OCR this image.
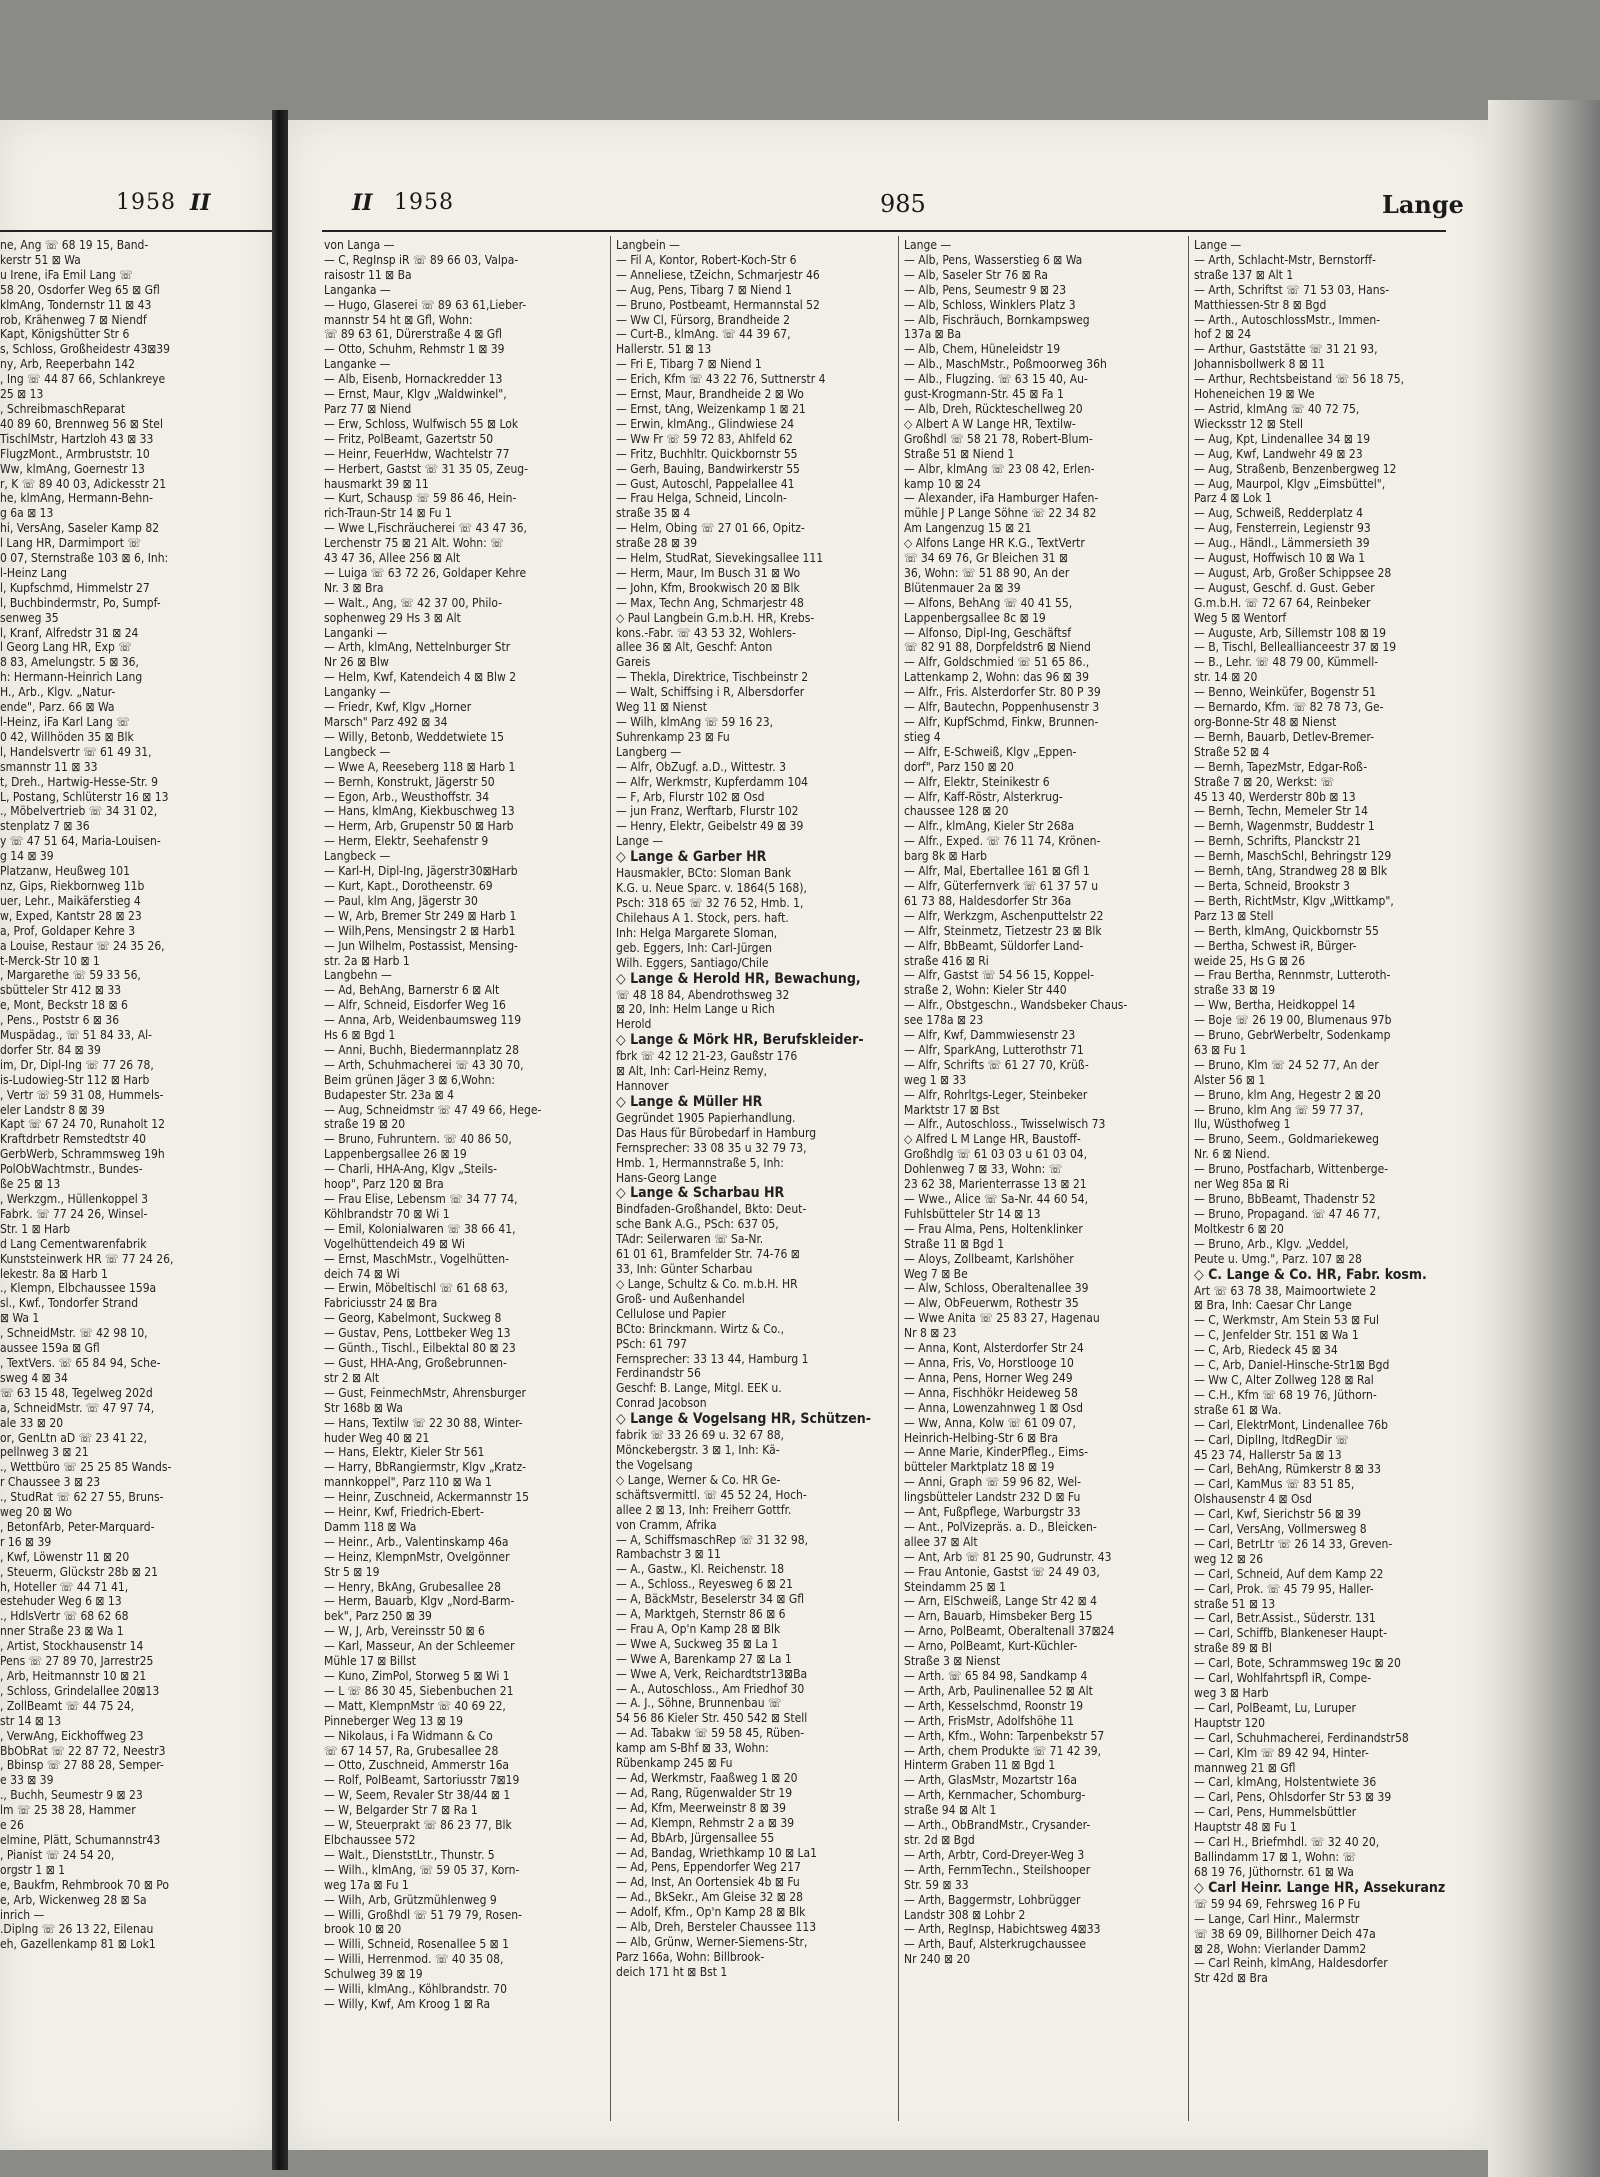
1958 II	II 1958	985	Lange
ne, Ang ☏ 68 19 15, Band-
kerstr 51 ⊠ Wa
u Irene, iFa Emil Lang ☏
58 20, Osdorfer Weg 65 ⊠ Gfl
klmAng, Tondernstr 11 ⊠ 43
rob, Krähenweg 7 ⊠ Niendf
Kapt, Königshütter Str 6
s, Schloss, Großheidestr 43⊠39
ny, Arb, Reeperbahn 142
, Ing ☏ 44 87 66, Schlankreye
25 ⊠ 13
, SchreibmaschReparat
40 89 60, Brennweg 56 ⊠ Stel
TischlMstr, Hartzloh 43 ⊠ 33
FlugzMont., Armbruststr. 10
Ww, klmAng, Goernestr 13
r, K ☏ 89 40 03, Adickesstr 21
he, klmAng, Hermann-Behn-
g 6a ⊠ 13
hi, VersAng, Saseler Kamp 82
l Lang HR, Darmimport ☏
0 07, Sternstraße 103 ⊠ 6, Inh:
l-Heinz Lang
l, Kupfschmd, Himmelstr 27
l, Buchbindermstr, Po, Sumpf-
senweg 35
l, Kranf, Alfredstr 31 ⊠ 24
l Georg Lang HR, Exp ☏
8 83, Amelungstr. 5 ⊠ 36,
h: Hermann-Heinrich Lang
H., Arb., Klgv. „Natur-
ende", Parz. 66 ⊠ Wa
l-Heinz, iFa Karl Lang ☏
0 42, Willhöden 35 ⊠ Blk
l, Handelsvertr ☏ 61 49 31,
smannstr 11 ⊠ 33
t, Dreh., Hartwig-Hesse-Str. 9
L, Postang, Schlüterstr 16 ⊠ 13
., Möbelvertrieb ☏ 34 31 02,
stenplatz 7 ⊠ 36
y ☏ 47 51 64, Maria-Louisen-
g 14 ⊠ 39
Platzanw, Heußweg 101
nz, Gips, Riekbornweg 11b
uer, Lehr., Maikäferstieg 4
w, Exped, Kantstr 28 ⊠ 23
a, Prof, Goldaper Kehre 3
a Louise, Restaur ☏ 24 35 26,
t-Merck-Str 10 ⊠ 1
, Margarethe ☏ 59 33 56,
sbütteler Str 412 ⊠ 33
e, Mont, Beckstr 18 ⊠ 6
, Pens., Poststr 6 ⊠ 36
Muspädag., ☏ 51 84 33, Al-
dorfer Str. 84 ⊠ 39
im, Dr, Dipl-Ing ☏ 77 26 78,
is-Ludowieg-Str 112 ⊠ Harb
, Vertr ☏ 59 31 08, Hummels-
eler Landstr 8 ⊠ 39
Kapt ☏ 67 24 70, Runaholt 12
Kraftdrbetr Remstedtstr 40
GerbWerb, Schrammsweg 19h
PolObWachtmstr., Bundes-
ße 25 ⊠ 13
, Werkzgm., Hüllenkoppel 3
Fabrk. ☏ 77 24 26, Winsel-
Str. 1 ⊠ Harb
d Lang Cementwarenfabrik
Kunststeinwerk HR ☏ 77 24 26,
lekestr. 8a ⊠ Harb 1
., Klempn, Elbchaussee 159a
sl., Kwf., Tondorfer Strand
⊠ Wa 1
, SchneidMstr. ☏ 42 98 10,
aussee 159a ⊠ Gfl
, TextVers. ☏ 65 84 94, Sche-
sweg 4 ⊠ 34
☏ 63 15 48, Tegelweg 202d
a, SchneidMstr. ☏ 47 97 74,
ale 33 ⊠ 20
or, GenLtn aD ☏ 23 41 22,
pellnweg 3 ⊠ 21
., Wettbüro ☏ 25 25 85 Wands-
r Chaussee 3 ⊠ 23
., StudRat ☏ 62 27 55, Bruns-
weg 20 ⊠ Wo
, BetonfArb, Peter-Marquard-
r 16 ⊠ 39
, Kwf, Löwenstr 11 ⊠ 20
, Steuerm, Glückstr 28b ⊠ 21
h, Hoteller ☏ 44 71 41,
estehuder Weg 6 ⊠ 13
., HdlsVertr ☏ 68 62 68
nner Straße 23 ⊠ Wa 1
, Artist, Stockhausenstr 14
Pens ☏ 27 89 70, Jarrestr25
, Arb, Heitmannstr 10 ⊠ 21
, Schloss, Grindelallee 20⊠13
, ZollBeamt ☏ 44 75 24,
str 14 ⊠ 13
, VerwAng, Eickhoffweg 23
BbObRat ☏ 22 87 72, Neestr3
, Bbinsp ☏ 27 88 28, Semper-
e 33 ⊠ 39
., Buchh, Seumestr 9 ⊠ 23
lm ☏ 25 38 28, Hammer
e 26
elmine, Plätt, Schumannstr43
, Pianist ☏ 24 54 20,
orgstr 1 ⊠ 1
e, Baukfm, Rehmbrook 70 ⊠ Po
e, Arb, Wickenweg 28 ⊠ Sa
inrich —
.Diplng ☏ 26 13 22, Eilenau
eh, Gazellenkamp 81 ⊠ Lok1
von Langa —
— C, RegInsp iR ☏ 89 66 03, Valpa-
raisostr 11 ⊠ Ba
Langanka —
— Hugo, Glaserei ☏ 89 63 61,Lieber-
mannstr 54 ht ⊠ Gfl, Wohn:
☏ 89 63 61, Dürerstraße 4 ⊠ Gfl
— Otto, Schuhm, Rehmstr 1 ⊠ 39
Langanke —
— Alb, Eisenb, Hornackredder 13
— Ernst, Maur, Klgv „Waldwinkel",
Parz 77 ⊠ Niend
— Erw, Schloss, Wulfwisch 55 ⊠ Lok
— Fritz, PolBeamt, Gazertstr 50
— Heinr, FeuerHdw, Wachtelstr 77
— Herbert, Gastst ☏ 31 35 05, Zeug-
hausmarkt 39 ⊠ 11
— Kurt, Schausp ☏ 59 86 46, Hein-
rich-Traun-Str 14 ⊠ Fu 1
— Wwe L,Fischräucherei ☏ 43 47 36,
Lerchenstr 75 ⊠ 21 Alt. Wohn: ☏
43 47 36, Allee 256 ⊠ Alt
— Luiga ☏ 63 72 26, Goldaper Kehre
Nr. 3 ⊠ Bra
— Walt., Ang, ☏ 42 37 00, Philo-
sophenweg 29 Hs 3 ⊠ Alt
Langanki —
— Arth, klmAng, Nettelnburger Str
Nr 26 ⊠ Blw
— Helm, Kwf, Katendeich 4 ⊠ Blw 2
Langanky —
— Friedr, Kwf, Klgv „Horner
Marsch" Parz 492 ⊠ 34
— Willy, Betonb, Weddetwiete 15
Langbeck —
— Wwe A, Reeseberg 118 ⊠ Harb 1
— Bernh, Konstrukt, Jägerstr 50
— Egon, Arb., Weusthoffstr. 34
— Hans, klmAng, Kiekbuschweg 13
— Herm, Arb, Grupenstr 50 ⊠ Harb
— Herm, Elektr, Seehafenstr 9
Langbeck —
— Karl-H, Dipl-Ing, Jägerstr30⊠Harb
— Kurt, Kapt., Dorotheenstr. 69
— Paul, klm Ang, Jägerstr 30
— W, Arb, Bremer Str 249 ⊠ Harb 1
— Wilh,Pens, Mensingstr 2 ⊠ Harb1
— Jun Wilhelm, Postassist, Mensing-
str. 2a ⊠ Harb 1
Langbehn —
— Ad, BehAng, Barnerstr 6 ⊠ Alt
— Alfr, Schneid, Eisdorfer Weg 16
— Anna, Arb, Weidenbaumsweg 119
Hs 6 ⊠ Bgd 1
— Anni, Buchh, Biedermannplatz 28
— Arth, Schuhmacherei ☏ 43 30 70,
Beim grünen Jäger 3 ⊠ 6,Wohn:
Budapester Str. 23a ⊠ 4
— Aug, Schneidmstr ☏ 47 49 66, Hege-
straße 19 ⊠ 20
— Bruno, Fuhruntern. ☏ 40 86 50,
Lappenbergsallee 26 ⊠ 19
— Charli, HHA-Ang, Klgv „Steils-
hoop", Parz 120 ⊠ Bra
— Frau Elise, Lebensm ☏ 34 77 74,
Köhlbrandstr 70 ⊠ Wi 1
— Emil, Kolonialwaren ☏ 38 66 41,
Vogelhüttendeich 49 ⊠ Wi
— Ernst, MaschMstr., Vogelhütten-
deich 74 ⊠ Wi
— Erwin, Möbeltischl ☏ 61 68 63,
Fabriciusstr 24 ⊠ Bra
— Georg, Kabelmont, Suckweg 8
— Gustav, Pens, Lottbeker Weg 13
— Günth., Tischl., Eilbektal 80 ⊠ 23
— Gust, HHA-Ang, Großebrunnen-
str 2 ⊠ Alt
— Gust, FeinmechMstr, Ahrensburger
Str 168b ⊠ Wa
— Hans, Textilw ☏ 22 30 88, Winter-
huder Weg 40 ⊠ 21
— Hans, Elektr, Kieler Str 561
— Harry, BbRangiermstr, Klgv „Kratz-
mannkoppel", Parz 110 ⊠ Wa 1
— Heinr, Zuschneid, Ackermannstr 15
— Heinr, Kwf, Friedrich-Ebert-
Damm 118 ⊠ Wa
— Heinr., Arb., Valentinskamp 46a
— Heinz, KlempnMstr, Ovelgönner
Str 5 ⊠ 19
— Henry, BkAng, Grubesallee 28
— Herm, Bauarb, Klgv „Nord-Barm-
bek", Parz 250 ⊠ 39
— W, J, Arb, Vereinsstr 50 ⊠ 6
— Karl, Masseur, An der Schleemer
Mühle 17 ⊠ Billst
— Kuno, ZimPol, Storweg 5 ⊠ Wi 1
— L ☏ 86 30 45, Siebenbuchen 21
— Matt, KlempnMstr ☏ 40 69 22,
Pinneberger Weg 13 ⊠ 19
— Nikolaus, i Fa Widmann & Co
☏ 67 14 57, Ra, Grubesallee 28
— Otto, Zuschneid, Ammerstr 16a
— Rolf, PolBeamt, Sartoriusstr 7⊠19
— W, Seem, Revaler Str 38/44 ⊠ 1
— W, Belgarder Str 7 ⊠ Ra 1
— W, Steuerprakt ☏ 86 23 77, Blk
Elbchaussee 572
— Walt., DienststLtr., Thunstr. 5
— Wilh., klmAng, ☏ 59 05 37, Korn-
weg 17a ⊠ Fu 1
— Wilh, Arb, Grützmühlenweg 9
— Willi, Großhdl ☏ 51 79 79, Rosen-
brook 10 ⊠ 20
— Willi, Schneid, Rosenallee 5 ⊠ 1
— Willi, Herrenmod. ☏ 40 35 08,
Schulweg 39 ⊠ 19
— Willi, klmAng., Köhlbrandstr. 70
— Willy, Kwf, Am Kroog 1 ⊠ Ra
Langbein —
— Fil A, Kontor, Robert-Koch-Str 6
— Anneliese, tZeichn, Schmarjestr 46
— Aug, Pens, Tibarg 7 ⊠ Niend 1
— Bruno, Postbeamt, Hermannstal 52
— Ww Cl, Fürsorg, Brandheide 2
— Curt-B., klmAng. ☏ 44 39 67,
Hallerstr. 51 ⊠ 13
— Fri E, Tibarg 7 ⊠ Niend 1
— Erich, Kfm ☏ 43 22 76, Suttnerstr 4
— Ernst, Maur, Brandheide 2 ⊠ Wo
— Ernst, tAng, Weizenkamp 1 ⊠ 21
— Erwin, klmAng., Glindwiese 24
— Ww Fr ☏ 59 72 83, Ahlfeld 62
— Fritz, Buchhltr. Quickbornstr 55
— Gerh, Bauing, Bandwirkerstr 55
— Gust, Autoschl, Pappelallee 41
— Frau Helga, Schneid, Lincoln-
straße 35 ⊠ 4
— Helm, Obing ☏ 27 01 66, Opitz-
straße 28 ⊠ 39
— Helm, StudRat, Sievekingsallee 111
— Herm, Maur, Im Busch 31 ⊠ Wo
— John, Kfm, Brookwisch 20 ⊠ Blk
— Max, Techn Ang, Schmarjestr 48
◇ Paul Langbein G.m.b.H. HR, Krebs-
kons.-Fabr. ☏ 43 53 32, Wohlers-
allee 36 ⊠ Alt, Geschf: Anton
Gareis
— Thekla, Direktrice, Tischbeinstr 2
— Walt, Schiffsing i R, Albersdorfer
Weg 11 ⊠ Nienst
— Wilh, klmAng ☏ 59 16 23,
Suhrenkamp 23 ⊠ Fu
Langberg —
— Alfr, ObZugf. a.D., Wittestr. 3
— Alfr, Werkmstr, Kupferdamm 104
— F, Arb, Flurstr 102 ⊠ Osd
— jun Franz, Werftarb, Flurstr 102
— Henry, Elektr, Geibelstr 49 ⊠ 39
Lange —
◇ Lange & Garber HR
Hausmakler, BCto: Sloman Bank
K.G. u. Neue Sparc. v. 1864(5 168),
Psch: 318 65 ☏ 32 76 52, Hmb. 1,
Chilehaus A 1. Stock, pers. haft.
Inh: Helga Margarete Sloman,
geb. Eggers, Inh: Carl-Jürgen
Wilh. Eggers, Santiago/Chile
◇ Lange & Herold HR, Bewachung,
☏ 48 18 84, Abendrothsweg 32
⊠ 20, Inh: Helm Lange u Rich
Herold
◇ Lange & Mörk HR, Berufskleider-
fbrk ☏ 42 12 21-23, Gaußstr 176
⊠ Alt, Inh: Carl-Heinz Remy,
Hannover
◇ Lange & Müller HR
Gegründet 1905 Papierhandlung.
Das Haus für Bürobedarf in Hamburg
Fernsprecher: 33 08 35 u 32 79 73,
Hmb. 1, Hermannstraße 5, Inh:
Hans-Georg Lange
◇ Lange & Scharbau HR
Bindfaden-Großhandel, Bkto: Deut-
sche Bank A.G., PSch: 637 05,
TAdr: Seilerwaren ☏ Sa-Nr.
61 01 61, Bramfelder Str. 74-76 ⊠
33, Inh: Günter Scharbau
◇ Lange, Schultz & Co. m.b.H. HR
Groß- und Außenhandel
Cellulose und Papier
BCto: Brinckmann. Wirtz & Co.,
PSch: 61 797
Fernsprecher: 33 13 44, Hamburg 1
Ferdinandstr 56
Geschf: B. Lange, Mitgl. EEK u.
Conrad Jacobson
◇ Lange & Vogelsang HR, Schützen-
fabrik ☏ 33 26 69 u. 32 67 88,
Mönckebergstr. 3 ⊠ 1, Inh: Kä-
the Vogelsang
◇ Lange, Werner & Co. HR Ge-
schäftsvermittl. ☏ 45 52 24, Hoch-
allee 2 ⊠ 13, Inh: Freiherr Gottfr.
von Cramm, Afrika
— A, SchiffsmaschRep ☏ 31 32 98,
Rambachstr 3 ⊠ 11
— A., Gastw., Kl. Reichenstr. 18
— A., Schloss., Reyesweg 6 ⊠ 21
— A, BäckMstr, Beselerstr 34 ⊠ Gfl
— A, Marktgeh, Sternstr 86 ⊠ 6
— Frau A, Op'n Kamp 28 ⊠ Blk
— Wwe A, Suckweg 35 ⊠ La 1
— Wwe A, Barenkamp 27 ⊠ La 1
— Wwe A, Verk, Reichardtstr13⊠Ba
— A., Autoschloss., Am Friedhof 30
— A. J., Söhne, Brunnenbau ☏
54 56 86 Kieler Str. 450 542 ⊠ Stell
— Ad. Tabakw ☏ 59 58 45, Rüben-
kamp am S-Bhf ⊠ 33, Wohn:
Rübenkamp 245 ⊠ Fu
— Ad, Werkmstr, Faaßweg 1 ⊠ 20
— Ad, Rang, Rügenwalder Str 19
— Ad, Kfm, Meerweinstr 8 ⊠ 39
— Ad, Klempn, Rehmstr 2 a ⊠ 39
— Ad, BbArb, Jürgensallee 55
— Ad, Bandag, Wriethkamp 10 ⊠ La1
— Ad, Pens, Eppendorfer Weg 217
— Ad, Inst, An Oortensiek 4b ⊠ Fu
— Ad., BkSekr., Am Gleise 32 ⊠ 28
— Adolf, Kfm., Op'n Kamp 28 ⊠ Blk
— Alb, Dreh, Bersteler Chaussee 113
— Alb, Grünw, Werner-Siemens-Str,
Parz 166a, Wohn: Billbrook-
deich 171 ht ⊠ Bst 1
Lange —
— Alb, Pens, Wasserstieg 6 ⊠ Wa
— Alb, Saseler Str 76 ⊠ Ra
— Alb, Pens, Seumestr 9 ⊠ 23
— Alb, Schloss, Winklers Platz 3
— Alb, Fischräuch, Bornkampsweg
137a ⊠ Ba
— Alb, Chem, Hüneleidstr 19
— Alb., MaschMstr., Poßmoorweg 36h
— Alb., Flugzing. ☏ 63 15 40, Au-
gust-Krogmann-Str. 45 ⊠ Fa 1
— Alb, Dreh, Rückteschellweg 20
◇ Albert A W Lange HR, Textilw-
Großhdl ☏ 58 21 78, Robert-Blum-
Straße 51 ⊠ Niend 1
— Albr, klmAng ☏ 23 08 42, Erlen-
kamp 10 ⊠ 24
— Alexander, iFa Hamburger Hafen-
mühle J P Lange Söhne ☏ 22 34 82
Am Langenzug 15 ⊠ 21
◇ Alfons Lange HR K.G., TextVertr
☏ 34 69 76, Gr Bleichen 31 ⊠
36, Wohn: ☏ 51 88 90, An der
Blütenmauer 2a ⊠ 39
— Alfons, BehAng ☏ 40 41 55,
Lappenbergsallee 8c ⊠ 19
— Alfonso, Dipl-Ing, Geschäftsf
☏ 82 91 88, Dorpfeldstr6 ⊠ Niend
— Alfr, Goldschmied ☏ 51 65 86.,
Lattenkamp 2, Wohn: das 96 ⊠ 39
— Alfr., Fris. Alsterdorfer Str. 80 P 39
— Alfr, Bautechn, Poppenhusenstr 3
— Alfr, KupfSchmd, Finkw, Brunnen-
stieg 4
— Alfr, E-Schweiß, Klgv „Eppen-
dorf", Parz 150 ⊠ 20
— Alfr, Elektr, Steinikestr 6
— Alfr, Kaff-Röstr, Alsterkrug-
chaussee 128 ⊠ 20
— Alfr., klmAng, Kieler Str 268a
— Alfr., Exped. ☏ 76 11 74, Krönen-
barg 8k ⊠ Harb
— Alfr, Mal, Ebertallee 161 ⊠ Gfl 1
— Alfr, Güterfernverk ☏ 61 37 57 u
61 73 88, Haldesdorfer Str 36a
— Alfr, Werkzgm, Aschenputtelstr 22
— Alfr, Steinmetz, Tietzestr 23 ⊠ Blk
— Alfr, BbBeamt, Süldorfer Land-
straße 416 ⊠ Ri
— Alfr, Gastst ☏ 54 56 15, Koppel-
straße 2, Wohn: Kieler Str 440
— Alfr., Obstgeschn., Wandsbeker Chaus-
see 178a ⊠ 23
— Alfr, Kwf, Dammwiesenstr 23
— Alfr, SparkAng, Lutterothstr 71
— Alfr, Schrifts ☏ 61 27 70, Krüß-
weg 1 ⊠ 33
— Alfr, Rohrltgs-Leger, Steinbeker
Marktstr 17 ⊠ Bst
— Alfr., Autoschloss., Twisselwisch 73
◇ Alfred L M Lange HR, Baustoff-
Großhdlg ☏ 61 03 03 u 61 03 04,
Dohlenweg 7 ⊠ 33, Wohn: ☏
23 62 38, Marienterrasse 13 ⊠ 21
— Wwe., Alice ☏ Sa-Nr. 44 60 54,
Fuhlsbütteler Str 14 ⊠ 13
— Frau Alma, Pens, Holtenklinker
Straße 11 ⊠ Bgd 1
— Aloys, Zollbeamt, Karlshöher
Weg 7 ⊠ Be
— Alw, Schloss, Oberaltenallee 39
— Alw, ObFeuerwm, Rothestr 35
— Wwe Anita ☏ 25 83 27, Hagenau
Nr 8 ⊠ 23
— Anna, Kont, Alsterdorfer Str 24
— Anna, Fris, Vo, Horstlooge 10
— Anna, Pens, Horner Weg 249
— Anna, Fischhökr Heideweg 58
— Anna, Lowenzahnweg 1 ⊠ Osd
— Ww, Anna, Kolw ☏ 61 09 07,
Heinrich-Helbing-Str 6 ⊠ Bra
— Anne Marie, KinderPfleg., Eims-
bütteler Marktplatz 18 ⊠ 19
— Anni, Graph ☏ 59 96 82, Wel-
lingsbütteler Landstr 232 D ⊠ Fu
— Ant, Fußpflege, Warburgstr 33
— Ant., PolVizepräs. a. D., Bleicken-
allee 37 ⊠ Alt
— Ant, Arb ☏ 81 25 90, Gudrunstr. 43
— Frau Antonie, Gastst ☏ 24 49 03,
Steindamm 25 ⊠ 1
— Arn, ElSchweiß, Lange Str 42 ⊠ 4
— Arn, Bauarb, Himsbeker Berg 15
— Arno, PolBeamt, Oberaltenall 37⊠24
— Arno, PolBeamt, Kurt-Küchler-
Straße 3 ⊠ Nienst
— Arth. ☏ 65 84 98, Sandkamp 4
— Arth, Arb, Paulinenallee 52 ⊠ Alt
— Arth, Kesselschmd, Roonstr 19
— Arth, FrisMstr, Adolfshöhe 11
— Arth, Kfm., Wohn: Tarpenbekstr 57
— Arth, chem Produkte ☏ 71 42 39,
Hinterm Graben 11 ⊠ Bgd 1
— Arth, GlasMstr, Mozartstr 16a
— Arth, Kernmacher, Schomburg-
straße 94 ⊠ Alt 1
— Arth., ObBrandMstr., Crysander-
str. 2d ⊠ Bgd
— Arth, Arbtr, Cord-Dreyer-Weg 3
— Arth, FernmTechn., Steilshooper
Str. 59 ⊠ 33
— Arth, Baggermstr, Lohbrügger
Landstr 308 ⊠ Lohbr 2
— Arth, RegInsp, Habichtsweg 4⊠33
— Arth, Bauf, Alsterkrugchaussee
Nr 240 ⊠ 20
Lange —
— Arth, Schlacht-Mstr, Bernstorff-
straße 137 ⊠ Alt 1
— Arth, Schriftst ☏ 71 53 03, Hans-
Matthiessen-Str 8 ⊠ Bgd
— Arth., AutoschlossMstr., Immen-
hof 2 ⊠ 24
— Arthur, Gaststätte ☏ 31 21 93,
Johannisbollwerk 8 ⊠ 11
— Arthur, Rechtsbeistand ☏ 56 18 75,
Hoheneichen 19 ⊠ We
— Astrid, klmAng ☏ 40 72 75,
Wiecksstr 12 ⊠ Stell
— Aug, Kpt, Lindenallee 34 ⊠ 19
— Aug, Kwf, Landwehr 49 ⊠ 23
— Aug, Straßenb, Benzenbergweg 12
— Aug, Maurpol, Klgv „Eimsbüttel",
Parz 4 ⊠ Lok 1
— Aug, Schweiß, Redderplatz 4
— Aug, Fensterrein, Legienstr 93
— Aug., Händl., Lämmersieth 39
— August, Hoffwisch 10 ⊠ Wa 1
— August, Arb, Großer Schippsee 28
— August, Geschf. d. Gust. Geber
G.m.b.H. ☏ 72 67 64, Reinbeker
Weg 5 ⊠ Wentorf
— Auguste, Arb, Sillemstr 108 ⊠ 19
— B, Tischl, Belleallianceestr 37 ⊠ 19
— B., Lehr. ☏ 48 79 00, Kümmell-
str. 14 ⊠ 20
— Benno, Weinküfer, Bogenstr 51
— Bernardo, Kfm. ☏ 82 78 73, Ge-
org-Bonne-Str 48 ⊠ Nienst
— Bernh, Bauarb, Detlev-Bremer-
Straße 52 ⊠ 4
— Bernh, TapezMstr, Edgar-Roß-
Straße 7 ⊠ 20, Werkst: ☏
45 13 40, Werderstr 80b ⊠ 13
— Bernh, Techn, Memeler Str 14
— Bernh, Wagenmstr, Buddestr 1
— Bernh, Schrifts, Planckstr 21
— Bernh, MaschSchl, Behringstr 129
— Bernh, tAng, Strandweg 28 ⊠ Blk
— Berta, Schneid, Brookstr 3
— Berth, RichtMstr, Klgv „Wittkamp",
Parz 13 ⊠ Stell
— Berth, klmAng, Quickbornstr 55
— Bertha, Schwest iR, Bürger-
weide 25, Hs G ⊠ 26
— Frau Bertha, Rennmstr, Lutteroth-
straße 33 ⊠ 19
— Ww, Bertha, Heidkoppel 14
— Boje ☏ 26 19 00, Blumenaus 97b
— Bruno, GebrWerbeltr, Sodenkamp
63 ⊠ Fu 1
— Bruno, Klm ☏ 24 52 77, An der
Alster 56 ⊠ 1
— Bruno, klm Ang, Hegestr 2 ⊠ 20
— Bruno, klm Ang ☏ 59 77 37,
Ilu, Wüsthofweg 1
— Bruno, Seem., Goldmariekeweg
Nr. 6 ⊠ Niend.
— Bruno, Postfacharb, Wittenberge-
ner Weg 85a ⊠ Ri
— Bruno, BbBeamt, Thadenstr 52
— Bruno, Propagand. ☏ 47 46 77,
Moltkestr 6 ⊠ 20
— Bruno, Arb., Klgv. „Veddel,
Peute u. Umg.", Parz. 107 ⊠ 28
◇ C. Lange & Co. HR, Fabr. kosm.
Art ☏ 63 78 38, Maimoortwiete 2
⊠ Bra, Inh: Caesar Chr Lange
— C, Werkmstr, Am Stein 53 ⊠ Ful
— C, Jenfelder Str. 151 ⊠ Wa 1
— C, Arb, Riedeck 45 ⊠ 34
— C, Arb, Daniel-Hinsche-Str1⊠ Bgd
— Ww C, Alter Zollweg 128 ⊠ Ral
— C.H., Kfm ☏ 68 19 76, Jüthorn-
straße 61 ⊠ Wa.
— Carl, ElektrMont, Lindenallee 76b
— Carl, DiplIng, ltdRegDir ☏
45 23 74, Hallerstr 5a ⊠ 13
— Carl, BehAng, Rümkerstr 8 ⊠ 33
— Carl, KamMus ☏ 83 51 85,
Olshausenstr 4 ⊠ Osd
— Carl, Kwf, Sierichstr 56 ⊠ 39
— Carl, VersAng, Vollmersweg 8
— Carl, BetrLtr ☏ 26 14 33, Greven-
weg 12 ⊠ 26
— Carl, Schneid, Auf dem Kamp 22
— Carl, Prok. ☏ 45 79 95, Haller-
straße 51 ⊠ 13
— Carl, Betr.Assist., Süderstr. 131
— Carl, Schiffb, Blankeneser Haupt-
straße 89 ⊠ Bl
— Carl, Bote, Schrammsweg 19c ⊠ 20
— Carl, Wohlfahrtspfl iR, Compe-
weg 3 ⊠ Harb
— Carl, PolBeamt, Lu, Luruper
Hauptstr 120
— Carl, Schuhmacherei, Ferdinandstr58
— Carl, Klm ☏ 89 42 94, Hinter-
mannweg 21 ⊠ Gfl
— Carl, klmAng, Holstentwiete 36
— Carl, Pens, Ohlsdorfer Str 53 ⊠ 39
— Carl, Pens, Hummelsbüttler
Hauptstr 48 ⊠ Fu 1
— Carl H., Briefmhdl. ☏ 32 40 20,
Ballindamm 17 ⊠ 1, Wohn: ☏
68 19 76, Jüthornstr. 61 ⊠ Wa
◇ Carl Heinr. Lange HR, Assekuranz
☏ 59 94 69, Fehrsweg 16 P Fu
— Lange, Carl Hinr., Malermstr
☏ 38 69 09, Billhorner Deich 47a
⊠ 28, Wohn: Vierlander Damm2
— Carl Reinh, klmAng, Haldesdorfer
Str 42d ⊠ Bra
